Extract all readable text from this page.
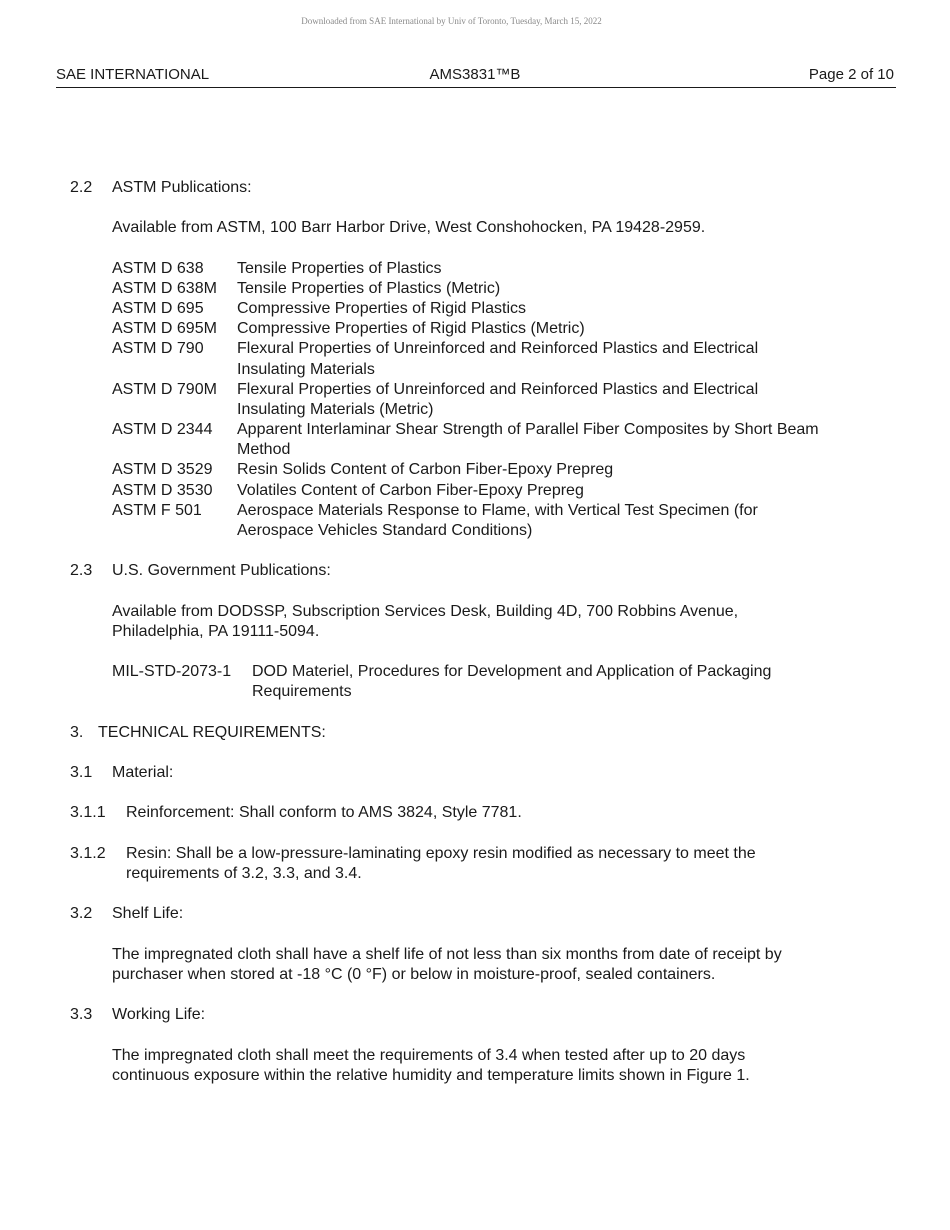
Downloaded from SAE International by Univ of Toronto, Tuesday, March 15, 2022
SAE INTERNATIONAL	AMS3831™B	Page 2 of 10
2.2 ASTM Publications:
Available from ASTM, 100 Barr Harbor Drive, West Conshohocken, PA 19428-2959.
ASTM D 638 Tensile Properties of Plastics
ASTM D 638M Tensile Properties of Plastics (Metric)
ASTM D 695 Compressive Properties of Rigid Plastics
ASTM D 695M Compressive Properties of Rigid Plastics (Metric)
ASTM D 790 Flexural Properties of Unreinforced and Reinforced Plastics and Electrical
Insulating Materials
ASTM D 790M Flexural Properties of Unreinforced and Reinforced Plastics and Electrical
Insulating Materials (Metric)
ASTM D 2344 Apparent Interlaminar Shear Strength of Parallel Fiber Composites by Short Beam
Method
ASTM D 3529 Resin Solids Content of Carbon Fiber-Epoxy Prepreg
ASTM D 3530 Volatiles Content of Carbon Fiber-Epoxy Prepreg
ASTM F 501 Aerospace Materials Response to Flame, with Vertical Test Specimen (for
Aerospace Vehicles Standard Conditions)
2.3 U.S. Government Publications:
Available from DODSSP, Subscription Services Desk, Building 4D, 700 Robbins Avenue,
Philadelphia, PA 19111-5094.
MIL-STD-2073-1 DOD Materiel, Procedures for Development and Application of Packaging
Requirements
3. TECHNICAL REQUIREMENTS:
3.1 Material:
3.1.1 Reinforcement: Shall conform to AMS 3824, Style 7781.
3.1.2 Resin: Shall be a low-pressure-laminating epoxy resin modified as necessary to meet the
requirements of 3.2, 3.3, and 3.4.
3.2 Shelf Life:
The impregnated cloth shall have a shelf life of not less than six months from date of receipt by
purchaser when stored at -18 °C (0 °F) or below in moisture-proof, sealed containers.
3.3 Working Life:
The impregnated cloth shall meet the requirements of 3.4 when tested after up to 20 days
continuous exposure within the relative humidity and temperature limits shown in Figure 1.
